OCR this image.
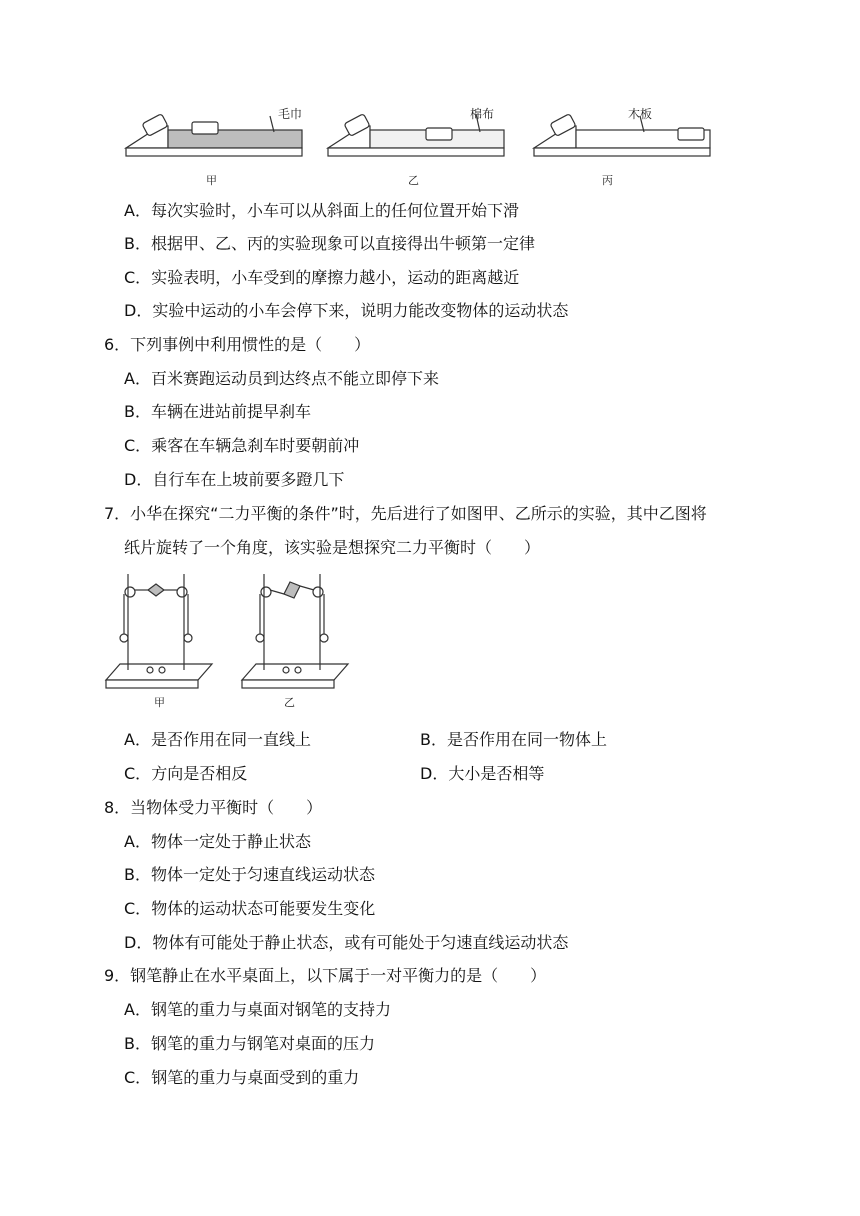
毛巾	棉布	木板
甲	乙	丙
A．每次实验时，小车可以从斜面上的任何位置开始下滑
B．根据甲、乙、丙的实验现象可以直接得出牛顿第一定律
C．实验表明，小车受到的摩擦力越小，运动的距离越近
D．实验中运动的小车会停下来，说明力能改变物体的运动状态
6．下列事例中利用惯性的是（　　）
A．百米赛跑运动员到达终点不能立即停下来
B．车辆在进站前提早刹车
C．乘客在车辆急刹车时要朝前冲
D．自行车在上坡前要多蹬几下
7．小华在探究“二力平衡的条件”时，先后进行了如图甲、乙所示的实验，其中乙图将
纸片旋转了一个角度，该实验是想探究二力平衡时（　　）
甲	乙
A．是否作用在同一直线上	B．是否作用在同一物体上
C．方向是否相反	D．大小是否相等
8．当物体受力平衡时（　　）
A．物体一定处于静止状态
B．物体一定处于匀速直线运动状态
C．物体的运动状态可能要发生变化
D．物体有可能处于静止状态，或有可能处于匀速直线运动状态
9．钢笔静止在水平桌面上，以下属于一对平衡力的是（　　）
A．钢笔的重力与桌面对钢笔的支持力
B．钢笔的重力与钢笔对桌面的压力
C．钢笔的重力与桌面受到的重力
